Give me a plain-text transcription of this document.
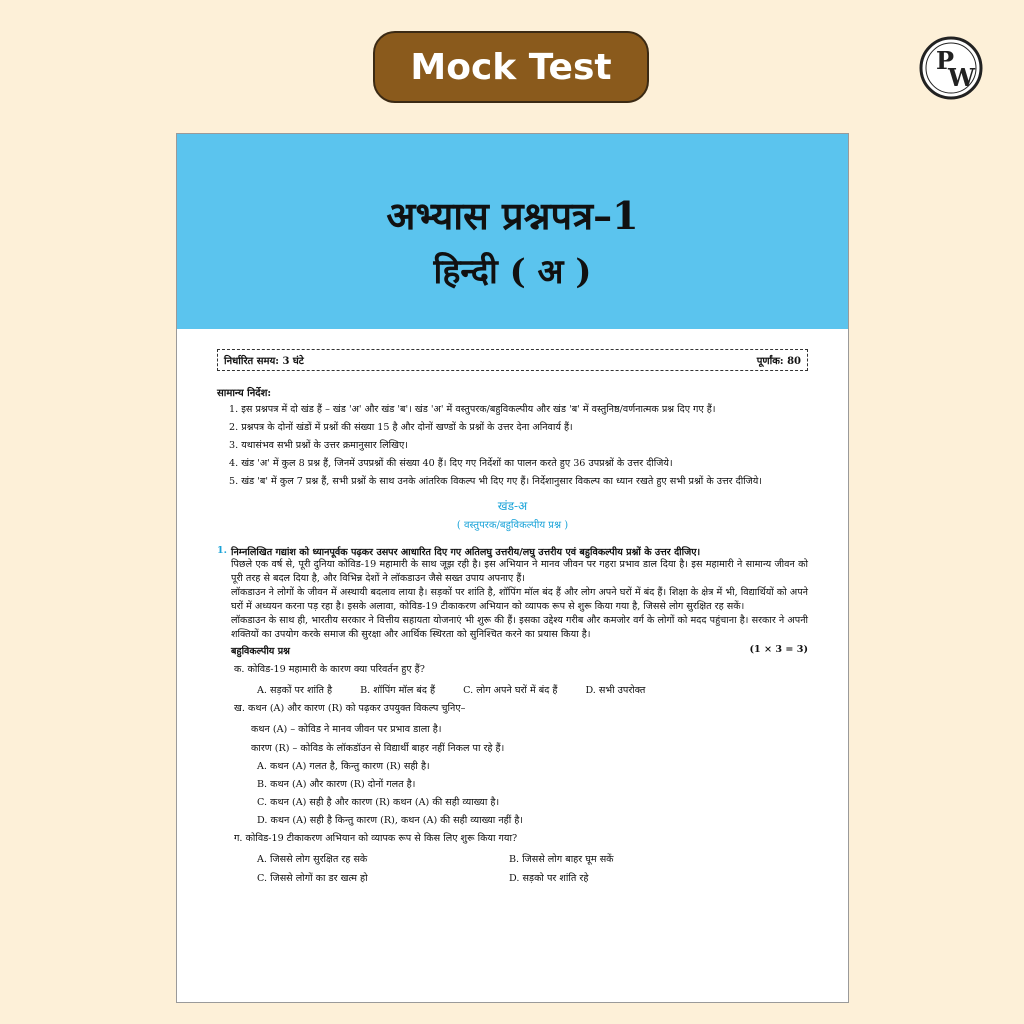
Mock Test	P
W
अभ्यास प्रश्नपत्र–1
हिन्दी ( अ )
निर्धारित समय: 3 घंटे	पूर्णांक: 80
सामान्य निर्देश:
1. इस प्रश्नपत्र में दो खंड हैं – खंड 'अ' और खंड 'ब'। खंड 'अ' में वस्तुपरक/बहुविकल्पीय और खंड 'ब' में वस्तुनिष्ठ/वर्णनात्मक प्रश्न दिए गए हैं।
2. प्रश्नपत्र के दोनों खंडों में प्रश्नों की संख्या 15 है और दोनों खण्डों के प्रश्नों के उत्तर देना अनिवार्य हैं।
3. यथासंभव सभी प्रश्नों के उत्तर क्रमानुसार लिखिए।
4. खंड 'अ' में कुल 8 प्रश्न हैं, जिनमें उपप्रश्नों की संख्या 40 हैं। दिए गए निर्देशों का पालन करते हुए 36 उपप्रश्नों के उत्तर दीजिये।
5. खंड 'ब' में कुल 7 प्रश्न हैं, सभी प्रश्नों के साथ उनके आंतरिक विकल्प भी दिए गए हैं। निर्देशानुसार विकल्प का ध्यान रखते हुए सभी प्रश्नों के उत्तर दीजिये।
खंड-अ
( वस्तुपरक/बहुविकल्पीय प्रश्न )
1. निम्नलिखित गद्यांश को ध्यानपूर्वक पढ़कर उसपर आधारित दिए गए अतिलघु उत्तरीय/लघु उत्तरीय एवं बहुविकल्पीय प्रश्नों के उत्तर दीजिए।
पिछले एक वर्ष से, पूरी दुनिया कोविड-19 महामारी के साथ जूझ रही है। इस अभियान ने मानव जीवन पर गहरा प्रभाव डाल दिया है। इस महामारी ने सामान्य जीवन को पूरी तरह से बदल दिया है, और विभिन्न देशों ने लॉकडाउन जैसे सख्त उपाय अपनाए हैं।
लॉकडाउन ने लोगों के जीवन में अस्थायी बदलाव लाया है। सड़कों पर शांति है, शॉपिंग मॉल बंद हैं और लोग अपने घरों में बंद हैं। शिक्षा के क्षेत्र में भी, विद्यार्थियों को अपने घरों में अध्ययन करना पड़ रहा है। इसके अलावा, कोविड-19 टीकाकरण अभियान को व्यापक रूप से शुरू किया गया है, जिससे लोग सुरक्षित रह सकें।
लॉकडाउन के साथ ही, भारतीय सरकार ने वित्तीय सहायता योजनाएं भी शुरू की हैं। इसका उद्देश्य गरीब और कमजोर वर्ग के लोगों को मदद पहुंचाना है। सरकार ने अपनी शक्तियों का उपयोग करके समाज की सुरक्षा और आर्थिक स्थिरता को सुनिश्चित करने का प्रयास किया है।
बहुविकल्पीय प्रश्न	(1 × 3 = 3)
क. कोविड-19 महामारी के कारण क्या परिवर्तन हुए हैं?
A. सड़कों पर शांति है	B. शॉपिंग मॉल बंद हैं	C. लोग अपने घरों में बंद हैं	D. सभी उपरोक्त
ख. कथन (A) और कारण (R) को पढ़कर उपयुक्त विकल्प चुनिए–
कथन (A) – कोविड ने मानव जीवन पर प्रभाव डाला है।
कारण (R) – कोविड के लॉकडॉउन से विद्यार्थी बाहर नहीं निकल पा रहे हैं।
A. कथन (A) गलत है, किन्तु कारण (R) सही है।
B. कथन (A) और कारण (R) दोनों गलत है।
C. कथन (A) सही है और कारण (R) कथन (A) की सही व्याख्या है।
D. कथन (A) सही है किन्तु कारण (R), कथन (A) की सही व्याख्या नहीं है।
ग. कोविड-19 टीकाकरण अभियान को व्यापक रूप से किस लिए शुरू किया गया?
A. जिससे लोग सुरक्षित रह सके	B. जिससे लोग बाहर घूम सकें
C. जिससे लोगों का डर खत्म हो	D. सड़को पर शांति रहे
